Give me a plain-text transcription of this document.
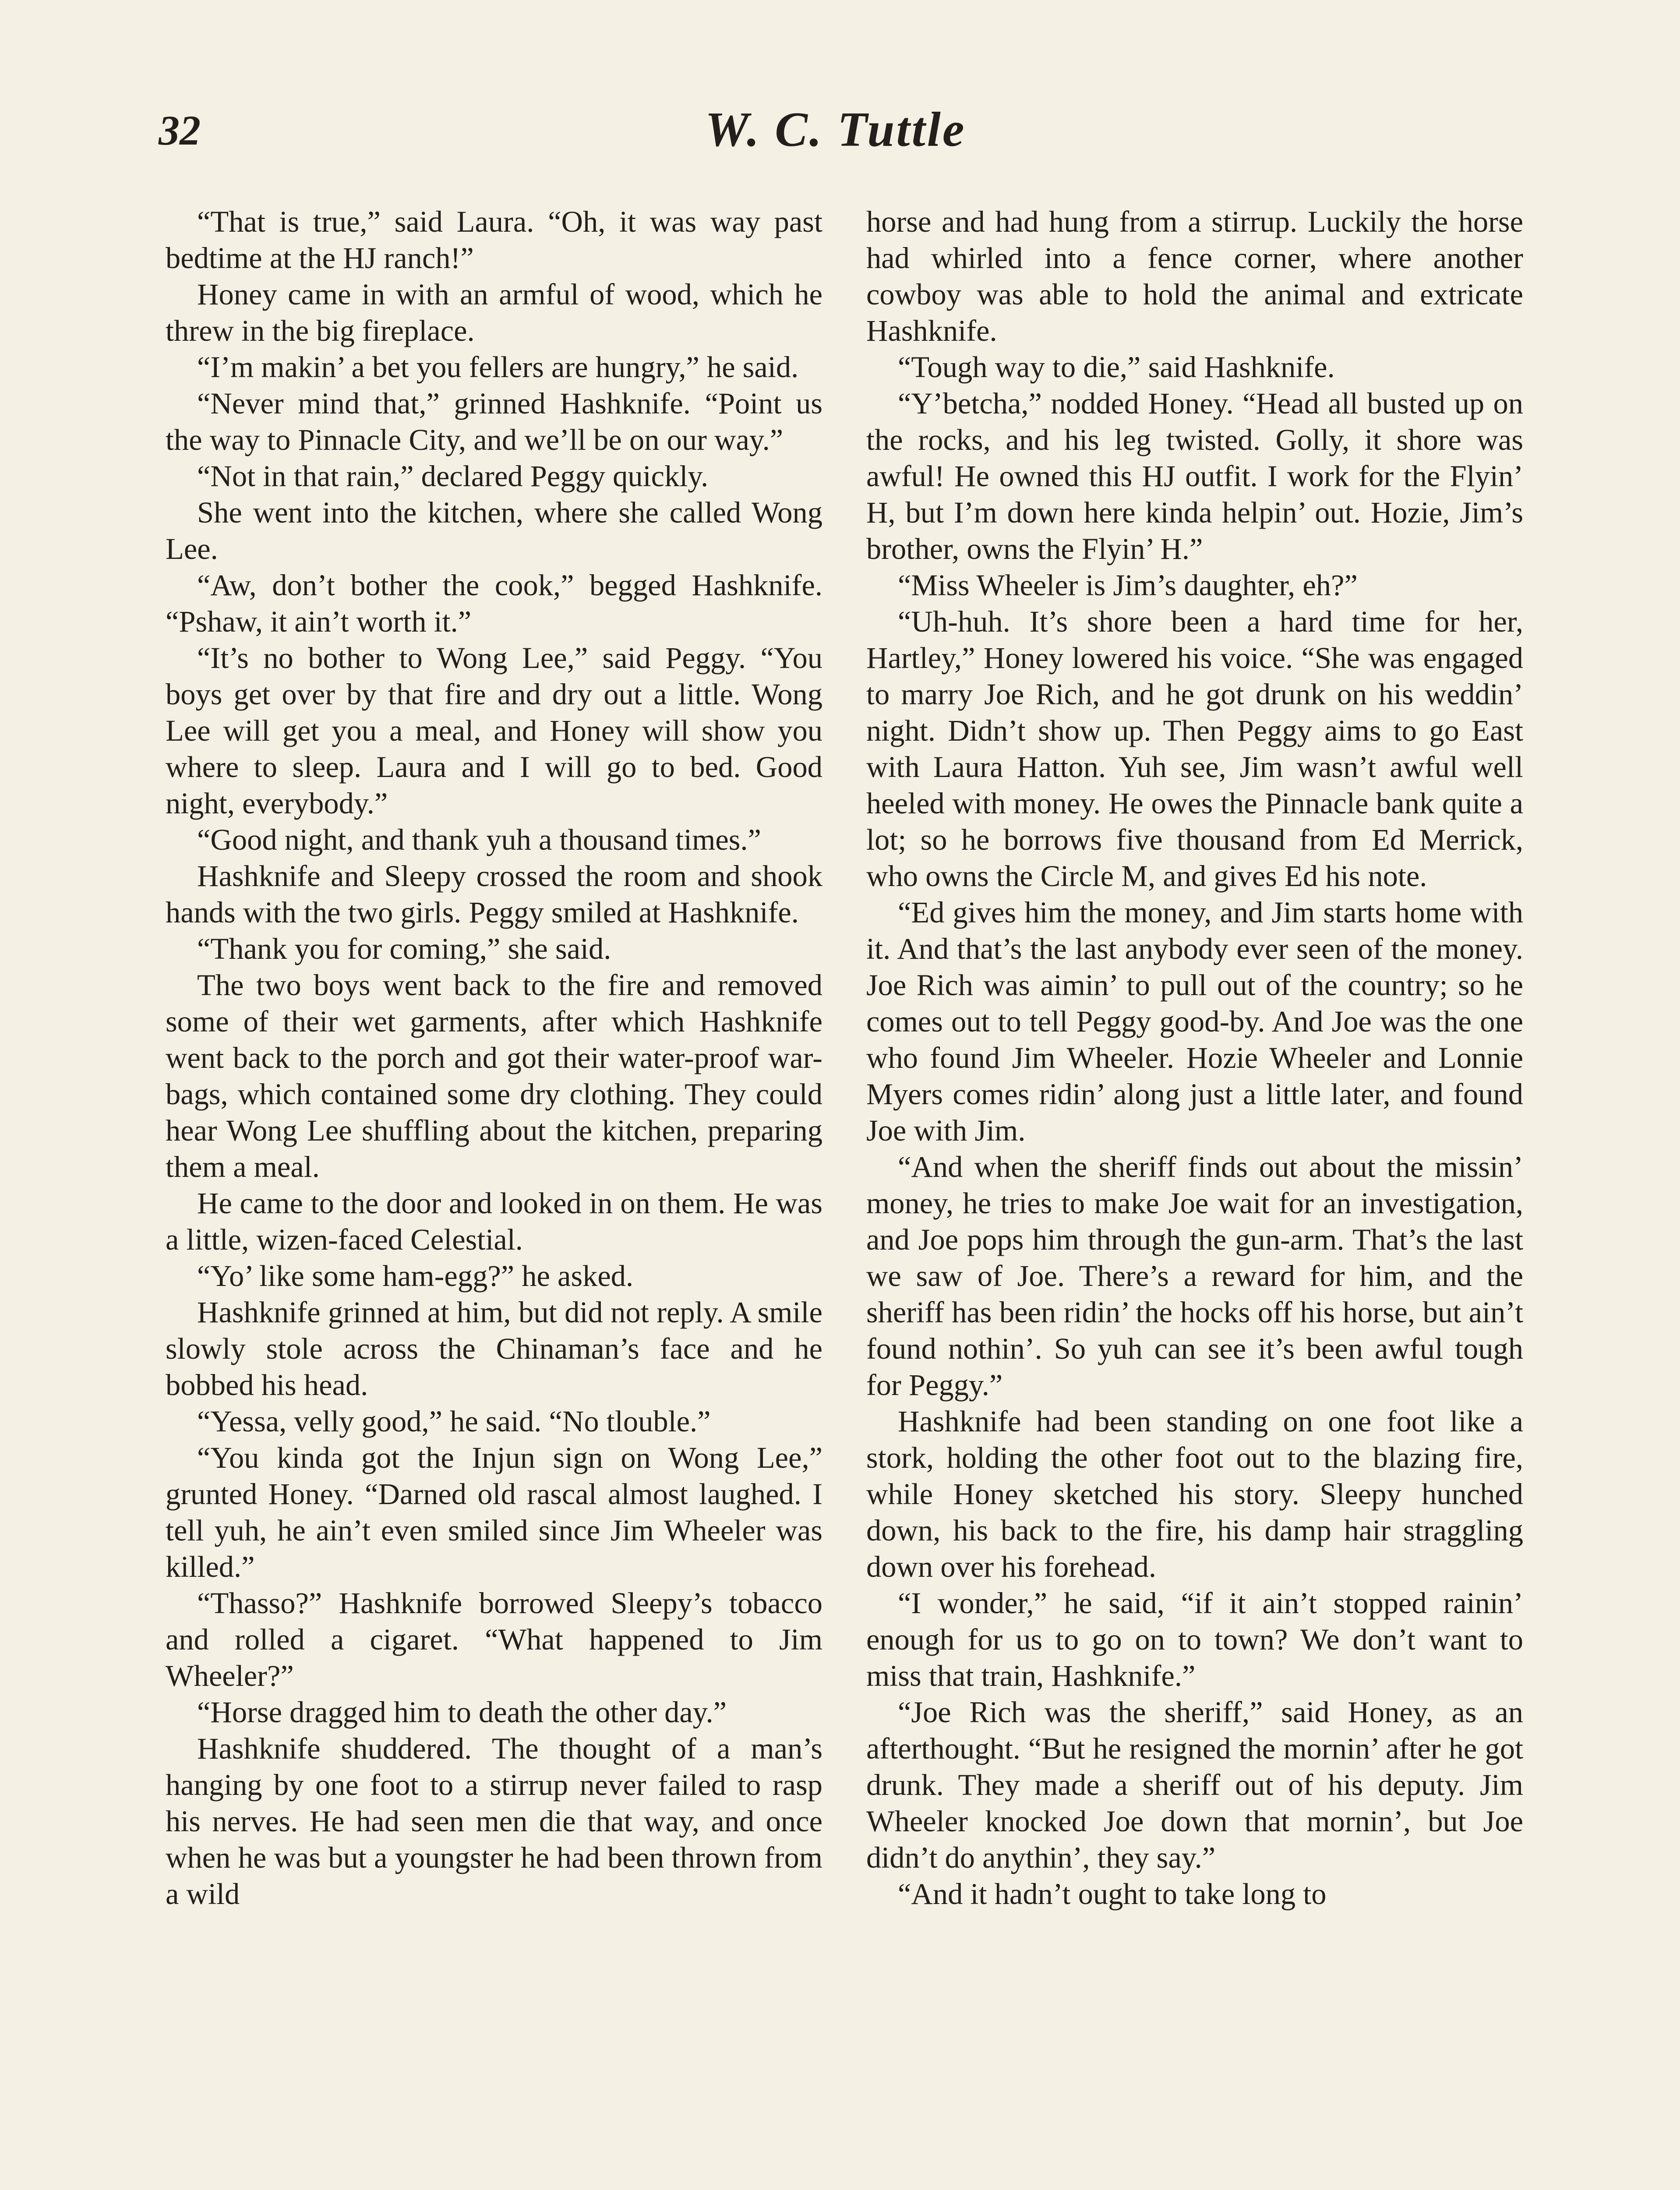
32	W. C. Tuttle

“That is true,” said Laura. “Oh, it was way past bedtime at the HJ ranch!”

Honey came in with an armful of wood, which he threw in the big fireplace.

“I’m makin’ a bet you fellers are hungry,” he said.

“Never mind that,” grinned Hashknife. “Point us the way to Pinnacle City, and we’ll be on our way.”

“Not in that rain,” declared Peggy quickly.

She went into the kitchen, where she called Wong Lee.

“Aw, don’t bother the cook,” begged Hashknife. “Pshaw, it ain’t worth it.”

“It’s no bother to Wong Lee,” said Peggy. “You boys get over by that fire and dry out a little. Wong Lee will get you a meal, and Honey will show you where to sleep. Laura and I will go to bed. Good night, everybody.”

“Good night, and thank yuh a thousand times.”

Hashknife and Sleepy crossed the room and shook hands with the two girls. Peggy smiled at Hashknife.

“Thank you for coming,” she said.

The two boys went back to the fire and removed some of their wet garments, after which Hashknife went back to the porch and got their water-proof war-bags, which contained some dry clothing. They could hear Wong Lee shuffling about the kitchen, preparing them a meal.

He came to the door and looked in on them. He was a little, wizen-faced Celestial.

“Yo’ like some ham-egg?” he asked.

Hashknife grinned at him, but did not reply. A smile slowly stole across the Chinaman’s face and he bobbed his head.

“Yessa, velly good,” he said. “No tlouble.”

“You kinda got the Injun sign on Wong Lee,” grunted Honey. “Darned old rascal almost laughed. I tell yuh, he ain’t even smiled since Jim Wheeler was killed.”

“Thasso?” Hashknife borrowed Sleepy’s tobacco and rolled a cigaret. “What happened to Jim Wheeler?”

“Horse dragged him to death the other day.”

Hashknife shuddered. The thought of a man’s hanging by one foot to a stirrup never failed to rasp his nerves. He had seen men die that way, and once when he was but a youngster he had been thrown from a wild

horse and had hung from a stirrup. Luckily the horse had whirled into a fence corner, where another cowboy was able to hold the animal and extricate Hashknife.

“Tough way to die,” said Hashknife.

“Y’betcha,” nodded Honey. “Head all busted up on the rocks, and his leg twisted. Golly, it shore was awful! He owned this HJ outfit. I work for the Flyin’ H, but I’m down here kinda helpin’ out. Hozie, Jim’s brother, owns the Flyin’ H.”

“Miss Wheeler is Jim’s daughter, eh?”

“Uh-huh. It’s shore been a hard time for her, Hartley,” Honey lowered his voice. “She was engaged to marry Joe Rich, and he got drunk on his weddin’ night. Didn’t show up. Then Peggy aims to go East with Laura Hatton. Yuh see, Jim wasn’t awful well heeled with money. He owes the Pinnacle bank quite a lot; so he borrows five thousand from Ed Merrick, who owns the Circle M, and gives Ed his note.

“Ed gives him the money, and Jim starts home with it. And that’s the last anybody ever seen of the money. Joe Rich was aimin’ to pull out of the country; so he comes out to tell Peggy good-by. And Joe was the one who found Jim Wheeler. Hozie Wheeler and Lonnie Myers comes ridin’ along just a little later, and found Joe with Jim.

“And when the sheriff finds out about the missin’ money, he tries to make Joe wait for an investigation, and Joe pops him through the gun-arm. That’s the last we saw of Joe. There’s a reward for him, and the sheriff has been ridin’ the hocks off his horse, but ain’t found nothin’. So yuh can see it’s been awful tough for Peggy.”

Hashknife had been standing on one foot like a stork, holding the other foot out to the blazing fire, while Honey sketched his story. Sleepy hunched down, his back to the fire, his damp hair straggling down over his forehead.

“I wonder,” he said, “if it ain’t stopped rainin’ enough for us to go on to town? We don’t want to miss that train, Hashknife.”

“Joe Rich was the sheriff,” said Honey, as an afterthought. “But he resigned the mornin’ after he got drunk. They made a sheriff out of his deputy. Jim Wheeler knocked Joe down that mornin’, but Joe didn’t do anythin’, they say.”

“And it hadn’t ought to take long to
